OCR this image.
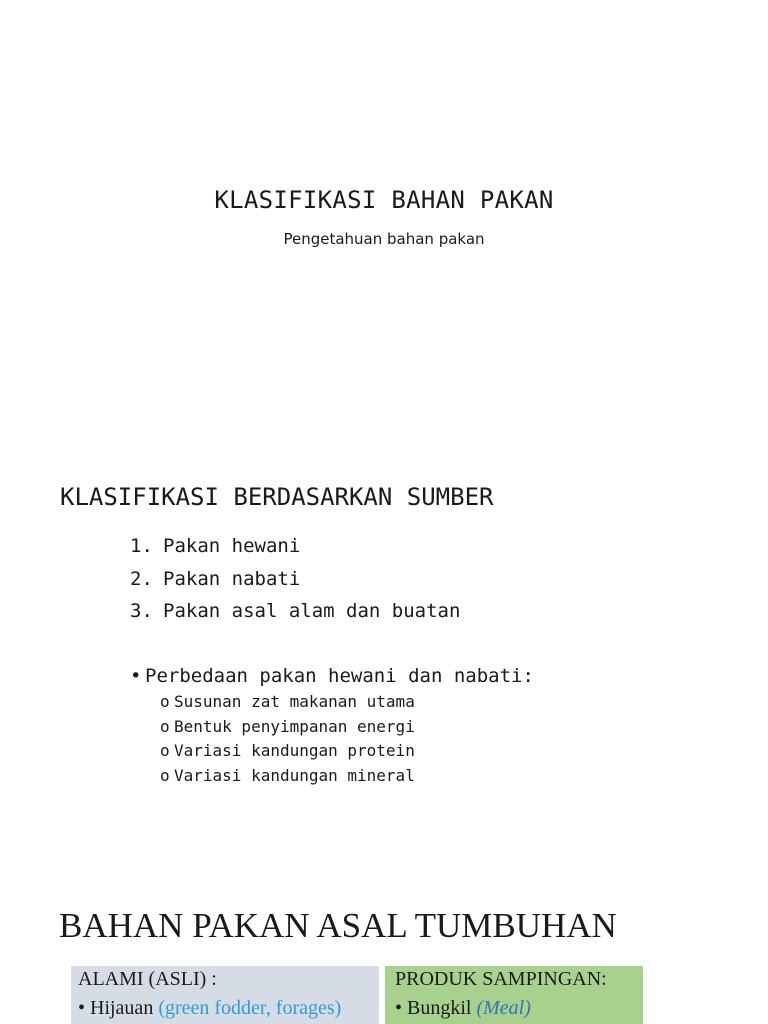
KLASIFIKASI BAHAN PAKAN
Pengetahuan bahan pakan
KLASIFIKASI BERDASARKAN SUMBER
1. Pakan hewani
2. Pakan nabati
3. Pakan asal alam dan buatan
• Perbedaan pakan hewani dan nabati:
o Susunan zat makanan utama
o Bentuk penyimpanan energi
o Variasi kandungan protein
o Variasi kandungan mineral
BAHAN PAKAN ASAL TUMBUHAN
ALAMI (ASLI) :
• Hijauan (green fodder, forages)
PRODUK SAMPINGAN:
• Bungkil (Meal)
